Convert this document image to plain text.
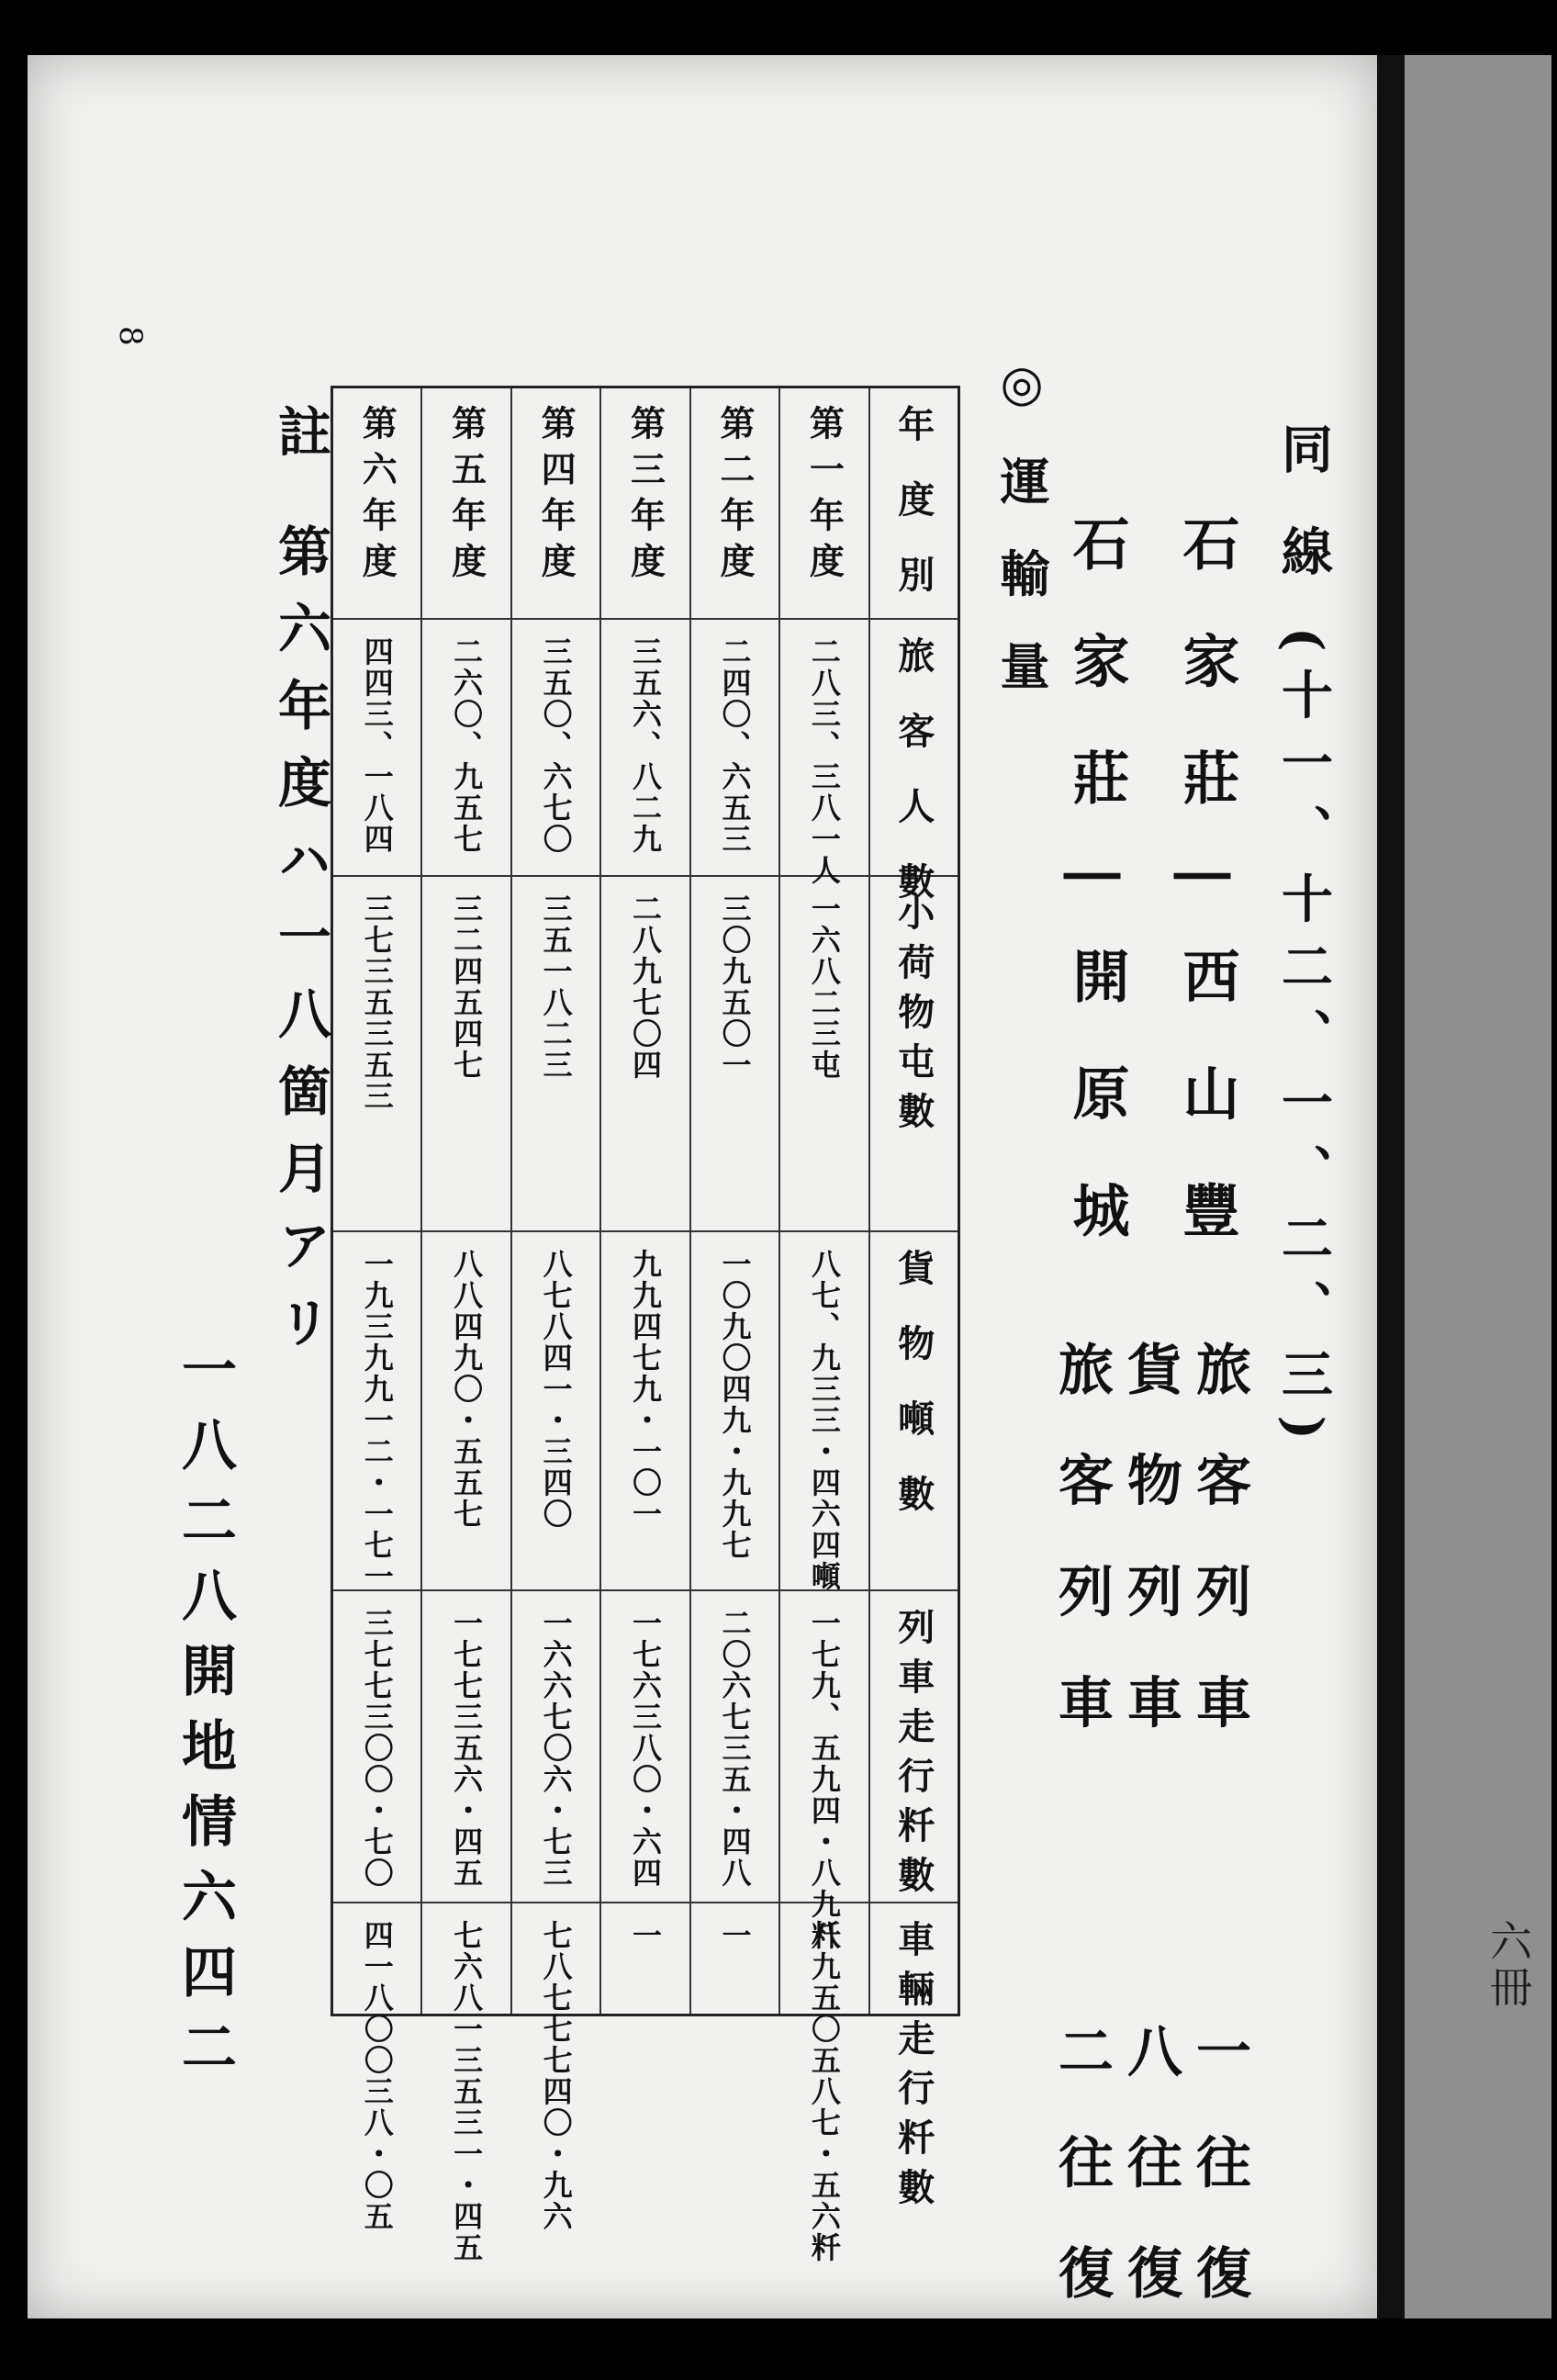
8
同 線 (十一、十二、一、二、三)
石 家 莊 | 西 山 豐
石 家 莊 | 開 原 城
旅 客 列 車一 往 復
貨 物 列 車八 往 復
旅 客 列 車二 往 復
◎ 運 輸 量
年 度 別
旅 客 人 數
小荷物屯數
貨 物 噸 數
列車走行粁數
車輛走行粁數
第一年度
二八三、三八一人
一六八二三屯
八七、九三三・四六四噸
一七九、五九四・八九粁
八九五〇五八七・五六粁
第二年度
二四〇、六五三
三〇九五〇一
一〇九〇四九・九九七
二〇六七三五・四八
一
第三年度
三五六、八二九
二八九七〇四
九九四七九・一〇一
一七六三八〇・六四
一
第四年度
三五〇、六七〇
三五一八二三
八七八四一・三四〇
一六六七〇六・七三
七八七七七四〇・九六
第五年度
二六〇、九五七
三二四五四七
八八四九〇・五五七
一七七三五六・四五
七六八一三五三一・四五
第六年度
四四三、一八四
三七三五三五三
一九三九九一二・一七一
三七七三〇〇・七〇
四一八〇〇三八・〇五
註 第六年度ハ一八箇月アリ
一八二八開地情六四二	六冊
